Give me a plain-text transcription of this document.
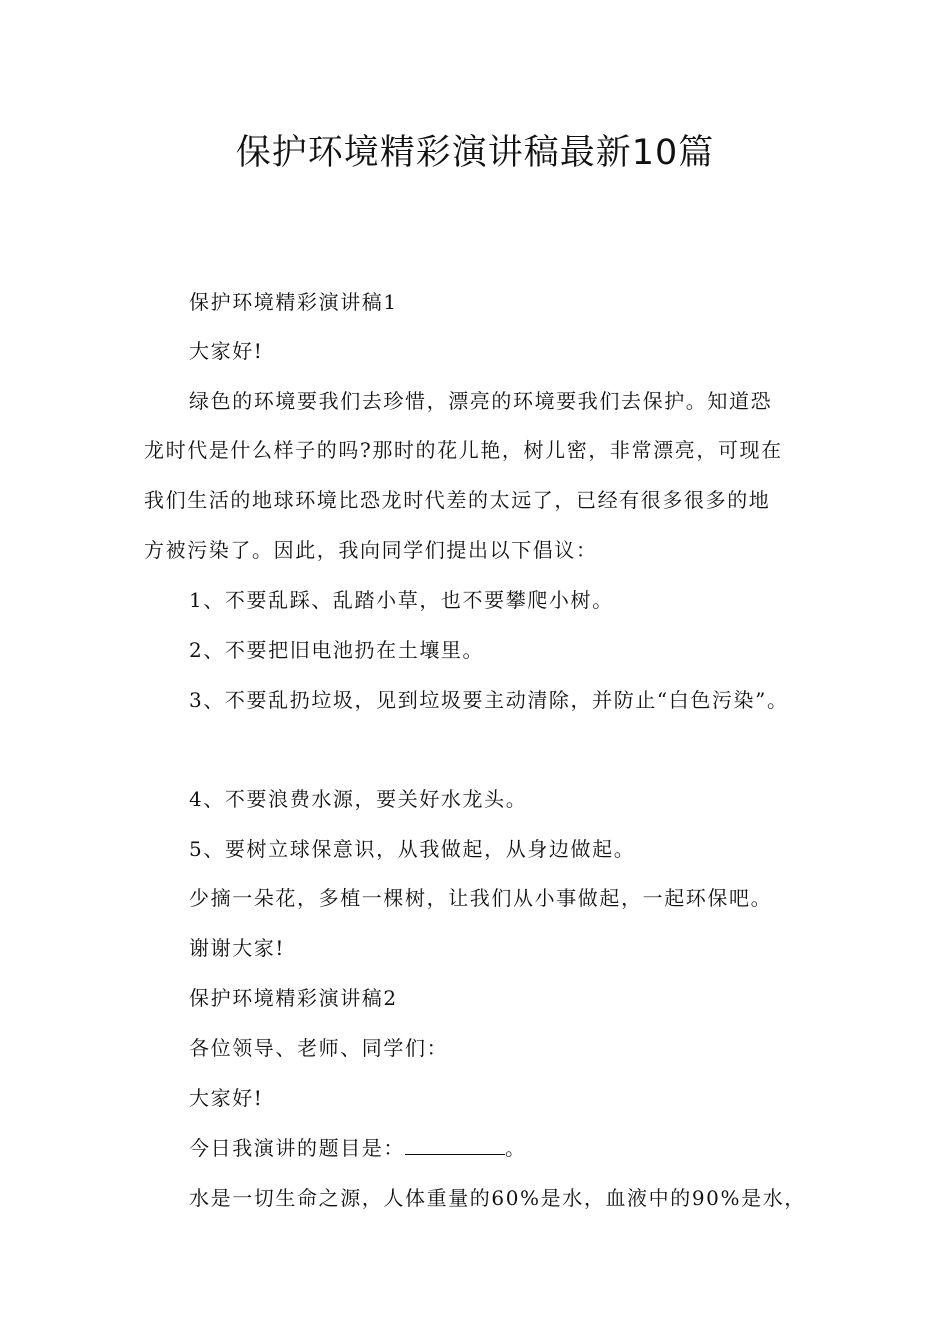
保护环境精彩演讲稿最新10篇
保护环境精彩演讲稿1
大家好!
绿色的环境要我们去珍惜，漂亮的环境要我们去保护。知道恐
龙时代是什么样子的吗?那时的花儿艳，树儿密，非常漂亮，可现在
我们生活的地球环境比恐龙时代差的太远了，已经有很多很多的地
方被污染了。因此，我向同学们提出以下倡议：
1、不要乱踩、乱踏小草，也不要攀爬小树。
2、不要把旧电池扔在土壤里。
3、不要乱扔垃圾，见到垃圾要主动清除，并防止“白色污染”。
4、不要浪费水源，要关好水龙头。
5、要树立球保意识，从我做起，从身边做起。
少摘一朵花，多植一棵树，让我们从小事做起，一起环保吧。
谢谢大家!
保护环境精彩演讲稿2
各位领导、老师、同学们：
大家好!
今日我演讲的题目是：	。
水是一切生命之源，人体重量的60%是水，血液中的90%是水，
